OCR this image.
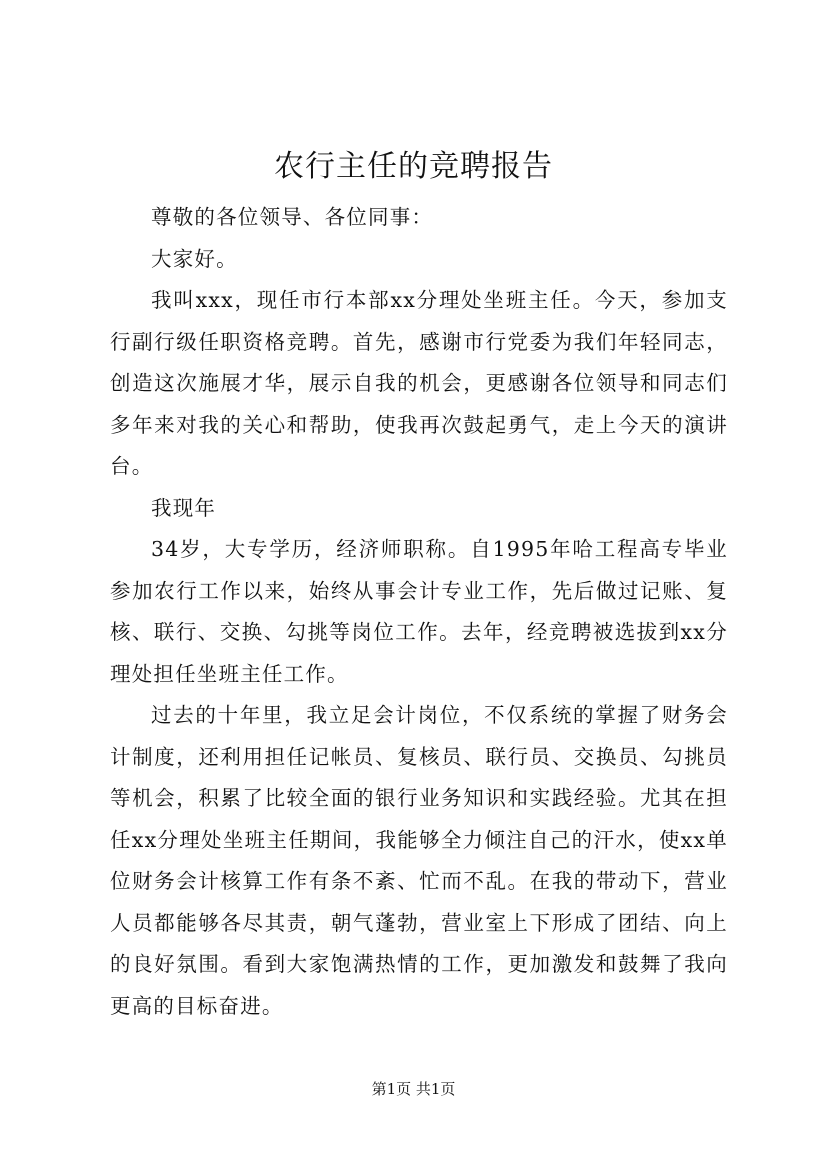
农行主任的竞聘报告

尊敬的各位领导、各位同事：

大家好。

我叫xxx，现任市行本部xx分理处坐班主任。今天，参加支行副行级任职资格竞聘。首先，感谢市行党委为我们年轻同志，创造这次施展才华，展示自我的机会，更感谢各位领导和同志们多年来对我的关心和帮助，使我再次鼓起勇气，走上今天的演讲台。

我现年

34岁，大专学历，经济师职称。自1995年哈工程高专毕业参加农行工作以来，始终从事会计专业工作，先后做过记账、复核、联行、交换、勾挑等岗位工作。去年，经竞聘被选拔到xx分理处担任坐班主任工作。

过去的十年里，我立足会计岗位，不仅系统的掌握了财务会计制度，还利用担任记帐员、复核员、联行员、交换员、勾挑员等机会，积累了比较全面的银行业务知识和实践经验。尤其在担任xx分理处坐班主任期间，我能够全力倾注自己的汗水，使xx单位财务会计核算工作有条不紊、忙而不乱。在我的带动下，营业人员都能够各尽其责，朝气蓬勃，营业室上下形成了团结、向上的良好氛围。看到大家饱满热情的工作，更加激发和鼓舞了我向更高的目标奋进。

第1页 共1页
